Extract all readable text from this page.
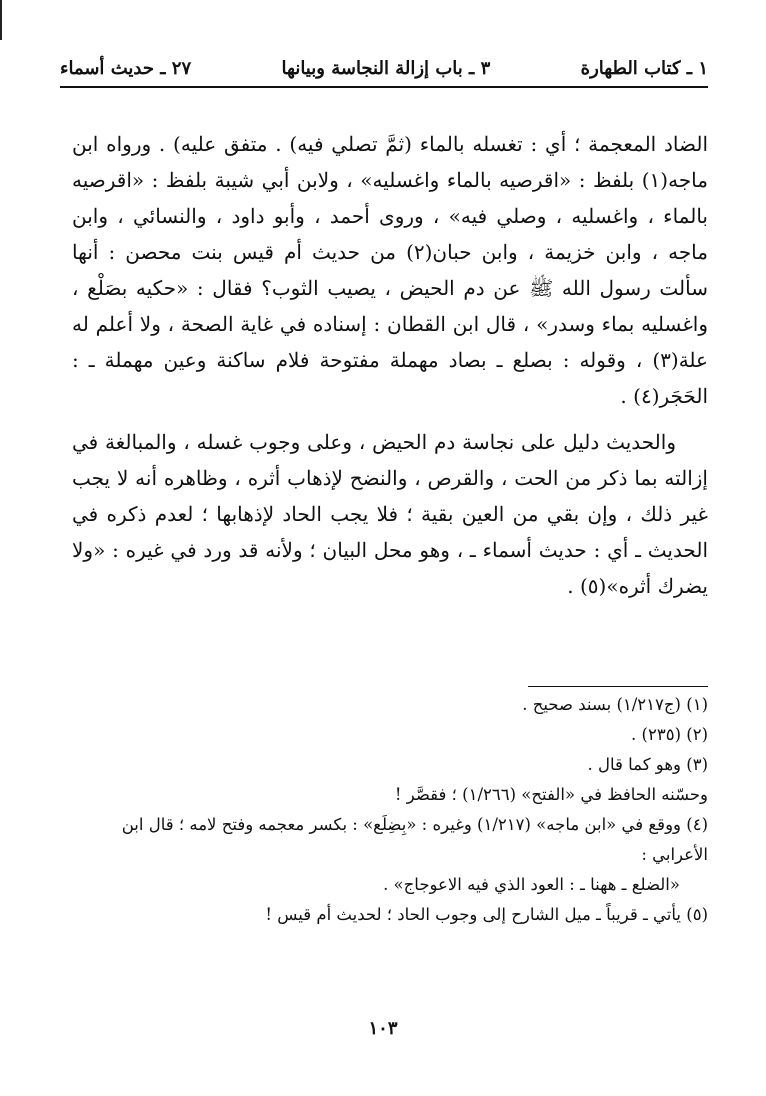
١ ـ كتاب الطهارة
٣ ـ باب إزالة النجاسة وبيانها
٢٧ ـ حديث أسماء

الضاد المعجمة ؛ أي : تغسله بالماء (ثمَّ تصلي فيه) . متفق عليه) . ورواه ابن ماجه(١) بلفظ : «اقرصيه بالماء واغسليه» ، ولابن أبي شيبة بلفظ : «اقرصيه بالماء ، واغسليه ، وصلي فيه» ، وروى أحمد ، وأبو داود ، والنسائي ، وابن ماجه ، وابن خزيمة ، وابن حبان(٢) من حديث أم قيس بنت محصن : أنها سألت رسول الله ﷺ عن دم الحيض ، يصيب الثوب؟ فقال : «حكيه بصَلْع ، واغسليه بماء وسدر» ، قال ابن القطان : إسناده في غاية الصحة ، ولا أعلم له علة(٣) ، وقوله : بصلع ـ بصاد مهملة مفتوحة فلام ساكنة وعين مهملة ـ : الحَجَر(٤) .

والحديث دليل على نجاسة دم الحيض ، وعلى وجوب غسله ، والمبالغة في إزالته بما ذكر من الحت ، والقرص ، والنضح لإذهاب أثره ، وظاهره أنه لا يجب غير ذلك ، وإن بقي من العين بقية ؛ فلا يجب الحاد لإذهابها ؛ لعدم ذكره في الحديث ـ أي : حديث أسماء ـ ، وهو محل البيان ؛ ولأنه قد ورد في غيره : «ولا يضرك أثره»(٥) .

(١) (ج١/٢١٧) بسند صحيح .
(٢) (٢٣٥) .
(٣) وهو كما قال .
وحسّنه الحافظ في «الفتح» (١/٢٦٦) ؛ فقصَّر !
(٤) ووقع في «ابن ماجه» (١/٢١٧) وغيره : «بِضِلَع» : بكسر معجمه وفتح لامه ؛ قال ابن الأعرابي :
«الضلع ـ ههنا ـ : العود الذي فيه الاعوجاج» .
(٥) يأتي ـ قريباً ـ ميل الشارح إلى وجوب الحاد ؛ لحديث أم قيس !
١٠٣
